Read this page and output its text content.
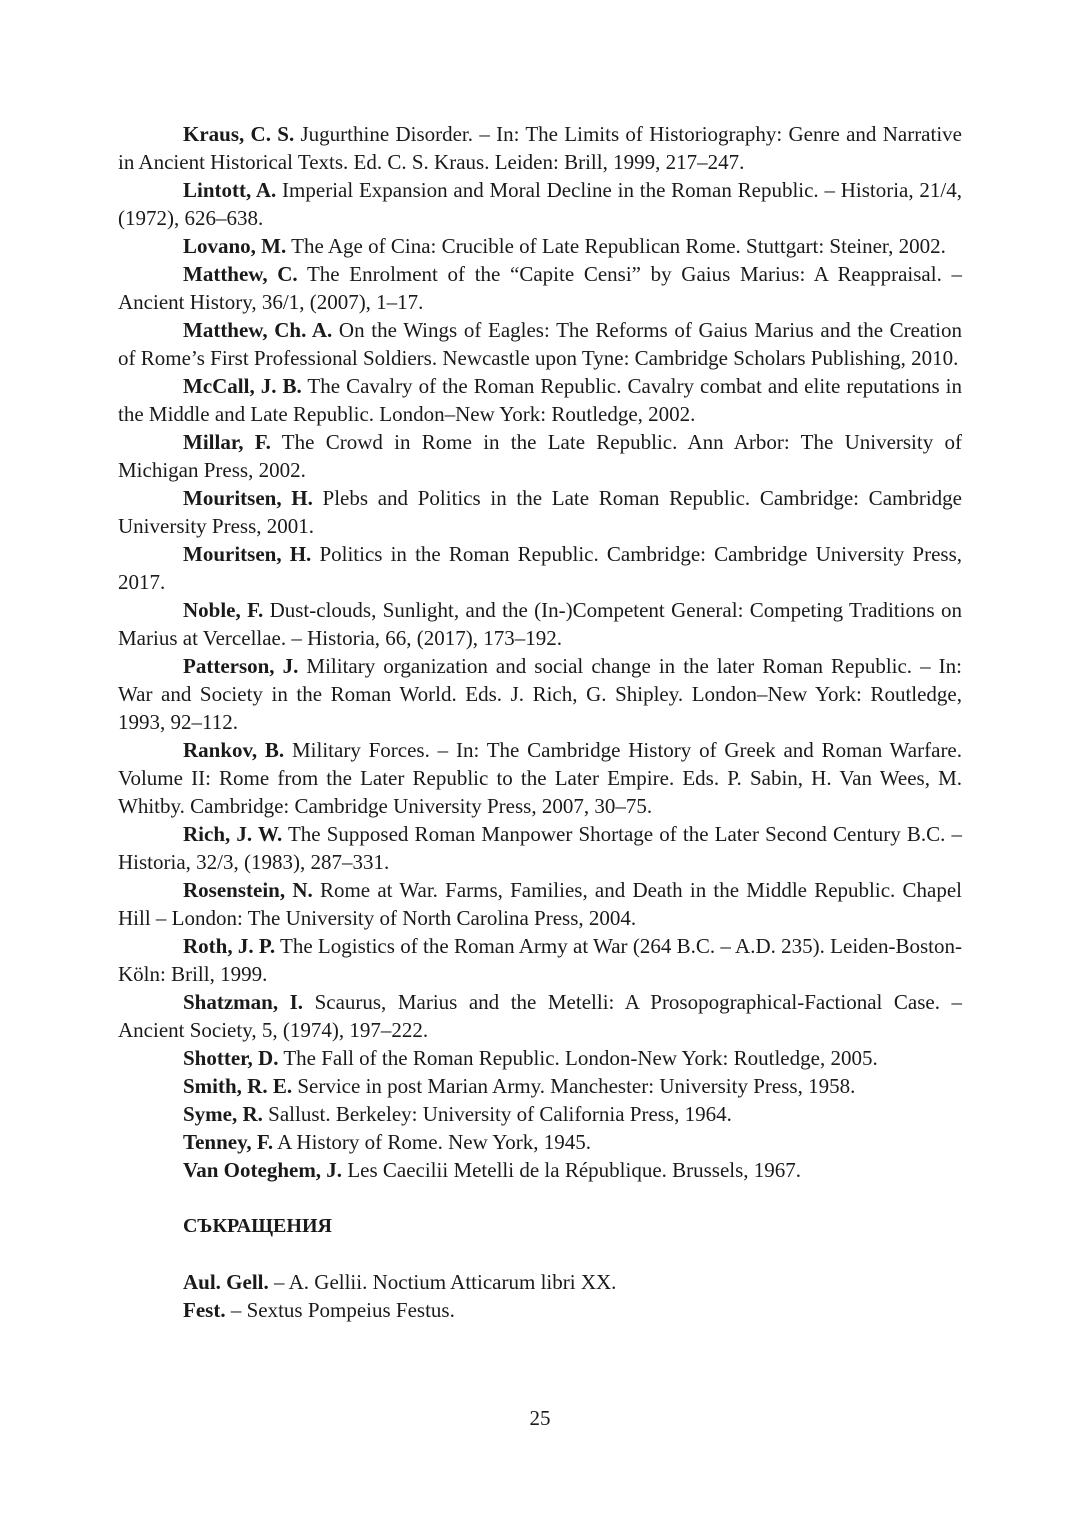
Kraus, C. S. Jugurthine Disorder. – In: The Limits of Historiography: Genre and Narrative in Ancient Historical Texts. Ed. C. S. Kraus. Leiden: Brill, 1999, 217–247.

Lintott, A. Imperial Expansion and Moral Decline in the Roman Republic. – Historia, 21/4, (1972), 626–638.

Lovano, M. The Age of Cina: Crucible of Late Republican Rome. Stuttgart: Steiner, 2002.

Matthew, C. The Enrolment of the “Capite Censi” by Gaius Marius: A Reappraisal. – Ancient History, 36/1, (2007), 1–17.

Matthew, Ch. A. On the Wings of Eagles: The Reforms of Gaius Marius and the Creation of Rome’s First Professional Soldiers. Newcastle upon Tyne: Cambridge Scholars Publishing, 2010.

McCall, J. B. The Cavalry of the Roman Republic. Cavalry combat and elite reputations in the Middle and Late Republic. London–New York: Routledge, 2002.

Millar, F. The Crowd in Rome in the Late Republic. Ann Arbor: The University of Michigan Press, 2002.

Mouritsen, H. Plebs and Politics in the Late Roman Republic. Cambridge: Cambridge University Press, 2001.

Mouritsen, H. Politics in the Roman Republic. Cambridge: Cambridge University Press, 2017.

Noble, F. Dust-clouds, Sunlight, and the (In-)Competent General: Competing Traditions on Marius at Vercellae. – Historia, 66, (2017), 173–192.

Patterson, J. Military organization and social change in the later Roman Republic. – In: War and Society in the Roman World. Eds. J. Rich, G. Shipley. London–New York: Routledge, 1993, 92–112.

Rankov, B. Military Forces. – In: The Cambridge History of Greek and Roman Warfare. Volume II: Rome from the Later Republic to the Later Empire. Eds. P. Sabin, H. Van Wees, M. Whitby. Cambridge: Cambridge University Press, 2007, 30–75.

Rich, J. W. The Supposed Roman Manpower Shortage of the Later Second Century B.C. – Historia, 32/3, (1983), 287–331.

Rosenstein, N. Rome at War. Farms, Families, and Death in the Middle Republic. Chapel Hill – London: The University of North Carolina Press, 2004.

Roth, J. P. The Logistics of the Roman Army at War (264 B.C. – A.D. 235). Leiden-Boston-Köln: Brill, 1999.

Shatzman, I. Scaurus, Marius and the Metelli: A Prosopographical-Factional Case. – Ancient Society, 5, (1974), 197–222.

Shotter, D. The Fall of the Roman Republic. London-New York: Routledge, 2005.

Smith, R. E. Service in post Marian Army. Manchester: University Press, 1958.

Syme, R. Sallust. Berkeley: University of California Press, 1964.

Tenney, F. A History of Rome. New York, 1945.

Van Ooteghem, J. Les Caecilii Metelli de la République. Brussels, 1967.

СЪКРАЩЕНИЯ

Aul. Gell. – A. Gellii. Noctium Atticarum libri XX.

Fest. – Sextus Pompeius Festus.

25
